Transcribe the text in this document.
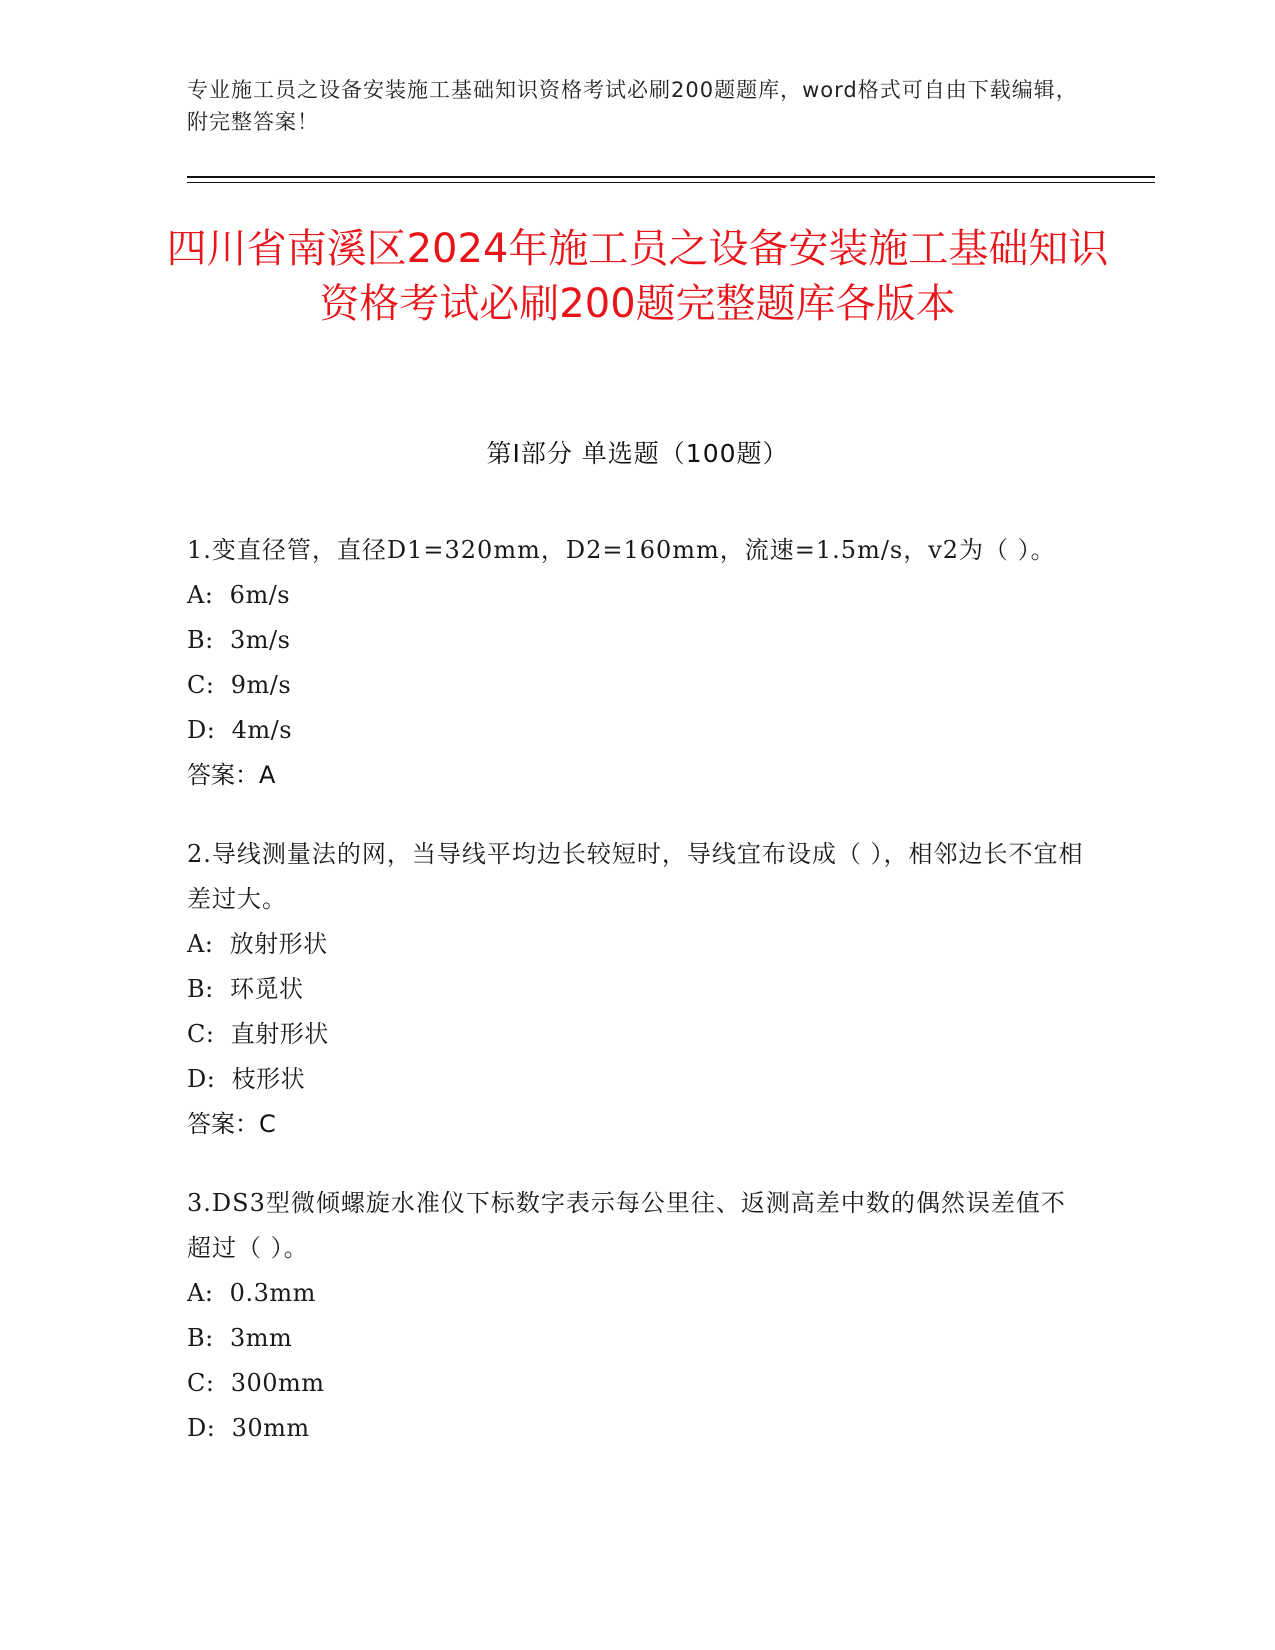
专业施工员之设备安装施工基础知识资格考试必刷200题题库，word格式可自由下载编辑，附完整答案！
四川省南溪区2024年施工员之设备安装施工基础知识资格考试必刷200题完整题库各版本
第Ⅰ部分 单选题（100题）

1.变直径管，直径D1=320mm，D2=160mm，流速=1.5m/s，v2为（ ）。

A:  6m/s

B:  3m/s

C:  9m/s

D:  4m/s

答案：A

2.导线测量法的网，当导线平均边长较短时，导线宜布设成（ ），相邻边长不宜相差过大。

A:  放射形状

B:  环觅状

C:  直射形状

D:  枝形状

答案：C

3.DS3型微倾螺旋水准仪下标数字表示每公里往、返测高差中数的偶然误差值不超过（ ）。

A:  0.3mm

B:  3mm

C:  300mm

D:  30mm
